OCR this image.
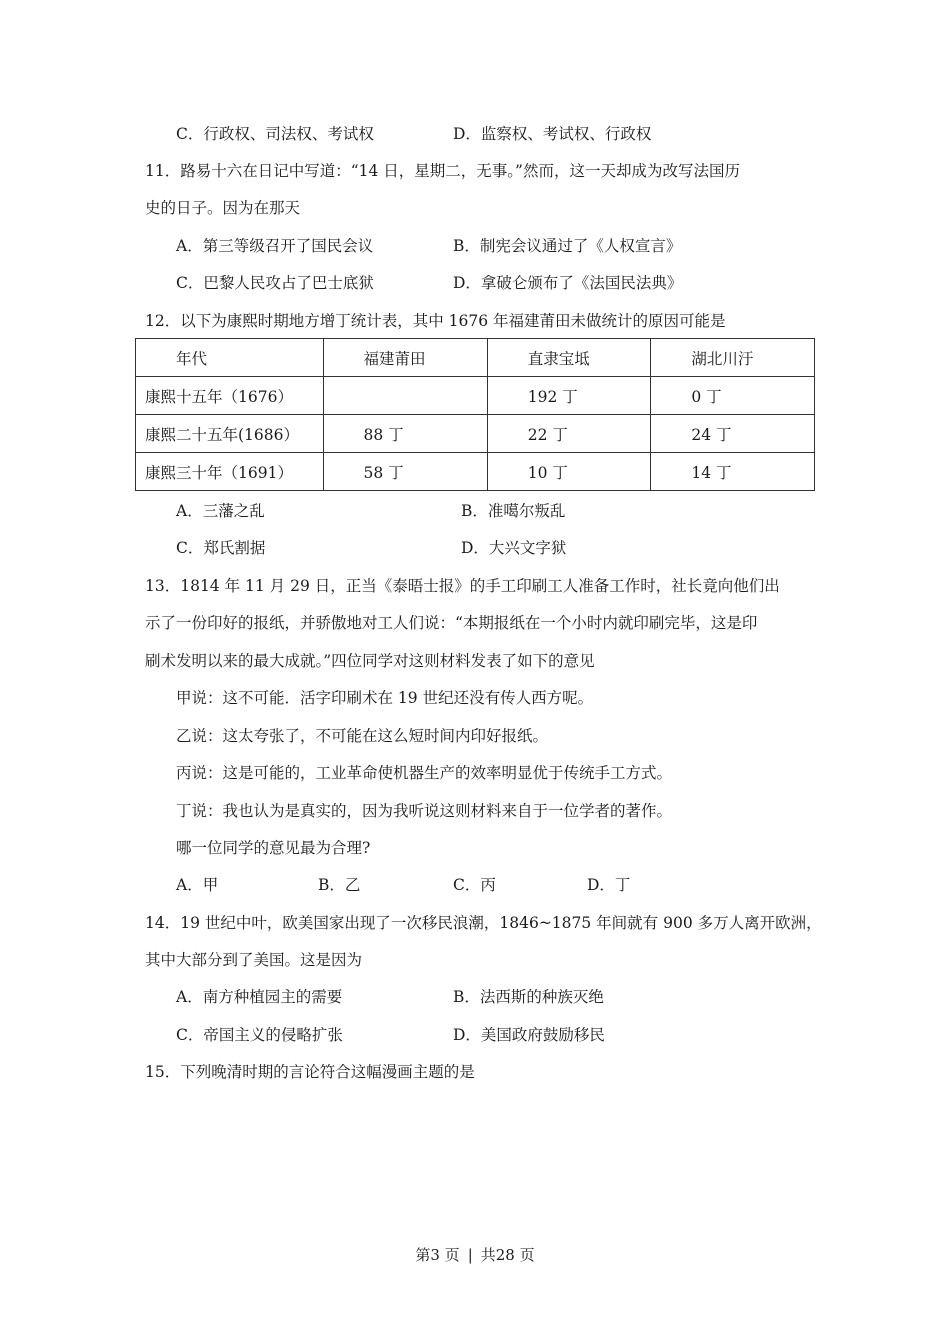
C．行政权、司法权、考试权	D．监察权、考试权、行政权
11．路易十六在日记中写道：“14 日，星期二，无事。”然而，这一天却成为改写法国历
史的日子。因为在那天
A．第三等级召开了国民会议	B．制宪会议通过了《人权宣言》
C．巴黎人民攻占了巴士底狱	D．拿破仑颁布了《法国民法典》
12．以下为康熙时期地方增丁统计表，其中 1676 年福建莆田未做统计的原因可能是
年代	福建莆田	直隶宝坻	湖北川汙
康熙十五年（1676）		192 丁	0 丁
康熙二十五年(1686）	88 丁	22 丁	24 丁
康熙三十年（1691）	58 丁	10 丁	14 丁
A．三藩之乱	B．准噶尔叛乱
C．郑氏割据	D．大兴文字狱
13．1814 年 11 月 29 日，正当《泰晤士报》的手工印刷工人准备工作时，社长竟向他们出
示了一份印好的报纸，并骄傲地对工人们说：“本期报纸在一个小时内就印刷完毕，这是印
刷术发明以来的最大成就。”四位同学对这则材料发表了如下的意见
甲说：这不可能．活字印刷术在 19 世纪还没有传人西方呢。
乙说：这太夸张了，不可能在这么短时间内印好报纸。
丙说：这是可能的，工业革命使机器生产的效率明显优于传统手工方式。
丁说：我也认为是真实的，因为我听说这则材料来自于一位学者的著作。
哪一位同学的意见最为合理?
A．甲	B．乙	C．丙	D．丁
14．19 世纪中叶，欧美国家出现了一次移民浪潮，1846~1875 年间就有 900 多万人离开欧洲，
其中大部分到了美国。这是因为
A．南方种植园主的需要	B．法西斯的种族灭绝
C．帝国主义的侵略扩张	D．美国政府鼓励移民
15．下列晚清时期的言论符合这幅漫画主题的是
第3 页 | 共28 页
